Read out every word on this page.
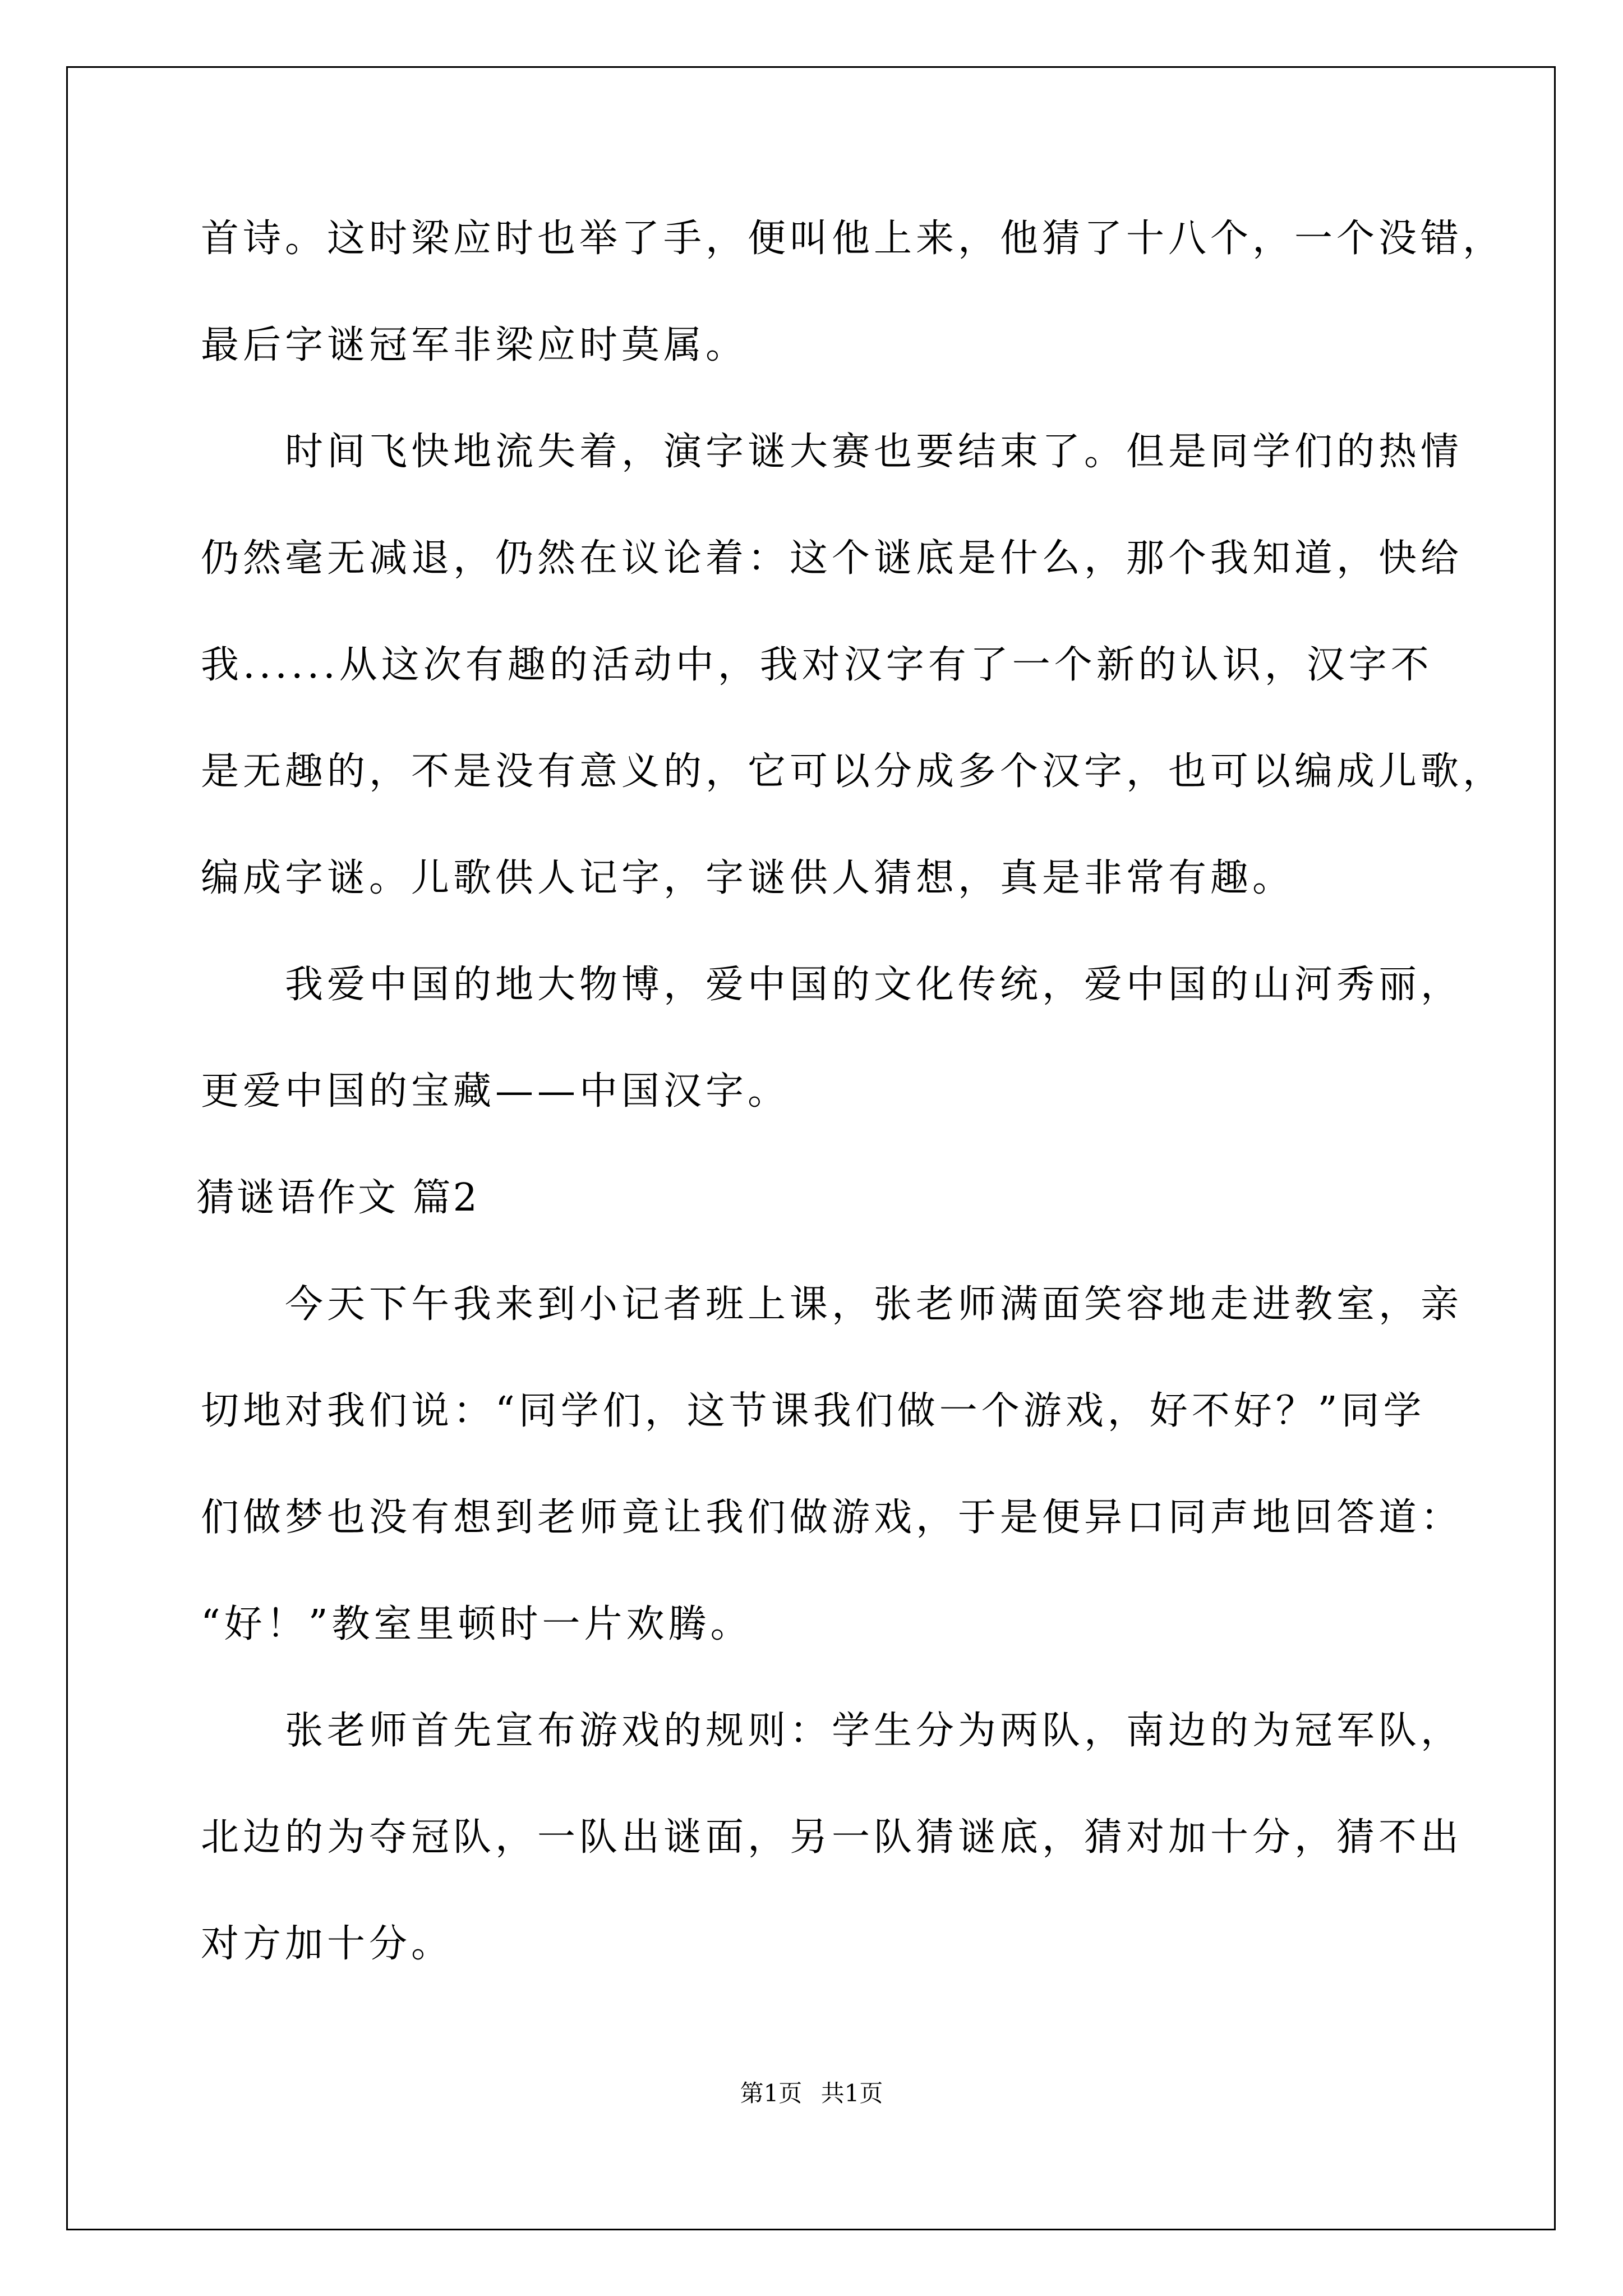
首诗。这时梁应时也举了手，便叫他上来，他猜了十八个，一个没错，
最后字谜冠军非梁应时莫属。
时间飞快地流失着，演字谜大赛也要结束了。但是同学们的热情
仍然毫无减退，仍然在议论着：这个谜底是什么，那个我知道，快给
我......从这次有趣的活动中，我对汉字有了一个新的认识，汉字不
是无趣的，不是没有意义的，它可以分成多个汉字，也可以编成儿歌，
编成字谜。儿歌供人记字，字谜供人猜想，真是非常有趣。
我爱中国的地大物博，爱中国的文化传统，爱中国的山河秀丽，
更爱中国的宝藏——中国汉字。
猜谜语作文 篇2
今天下午我来到小记者班上课，张老师满面笑容地走进教室，亲
切地对我们说：“同学们，这节课我们做一个游戏，好不好？”同学
们做梦也没有想到老师竟让我们做游戏，于是便异口同声地回答道：
“好！”教室里顿时一片欢腾。
张老师首先宣布游戏的规则：学生分为两队，南边的为冠军队，
北边的为夺冠队，一队出谜面，另一队猜谜底，猜对加十分，猜不出
对方加十分。
第1页 共1页
